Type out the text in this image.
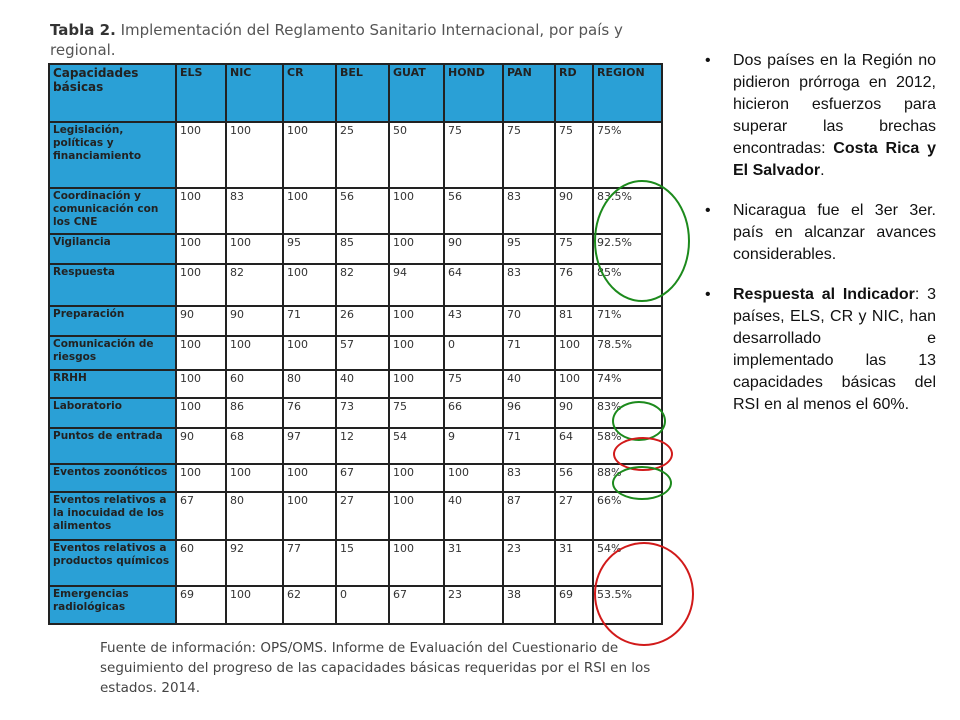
Tabla 2. Implementación del Reglamento Sanitario Internacional, por país y regional.
Capacidades básicas	ELS	NIC	CR	BEL	GUAT	HOND	PAN	RD	REGION
Legislación, políticas y financiamiento	100	100	100	25	50	75	75	75	75%
Coordinación y comunicación con los CNE	100	83	100	56	100	56	83	90	83.5%
Vigilancia	100	100	95	85	100	90	95	75	92.5%
Respuesta	100	82	100	82	94	64	83	76	85%
Preparación	90	90	71	26	100	43	70	81	71%
Comunicación de riesgos	100	100	100	57	100	0	71	100	78.5%
RRHH	100	60	80	40	100	75	40	100	74%
Laboratorio	100	86	76	73	75	66	96	90	83%
Puntos de entrada	90	68	97	12	54	9	71	64	58%
Eventos zoonóticos	100	100	100	67	100	100	83	56	88%
Eventos relativos a la inocuidad de los alimentos	67	80	100	27	100	40	87	27	66%
Eventos relativos a productos químicos	60	92	77	15	100	31	23	31	54%
Emergencias radiológicas	69	100	62	0	67	23	38	69	53.5%
Fuente de información: OPS/OMS. Informe de Evaluación del Cuestionario de seguimiento del progreso de las capacidades básicas requeridas por el RSI en los estados. 2014.
• Dos países en la Región no pidieron prórroga en 2012, hicieron esfuerzos para superar las brechas encontradas: Costa Rica y El Salvador.
• Nicaragua fue el 3er 3er. país en alcanzar avances considerables.
• Respuesta al Indicador: 3 países, ELS, CR y NIC, han desarrollado e implementado las 13 capacidades básicas del RSI en al menos el 60%.
